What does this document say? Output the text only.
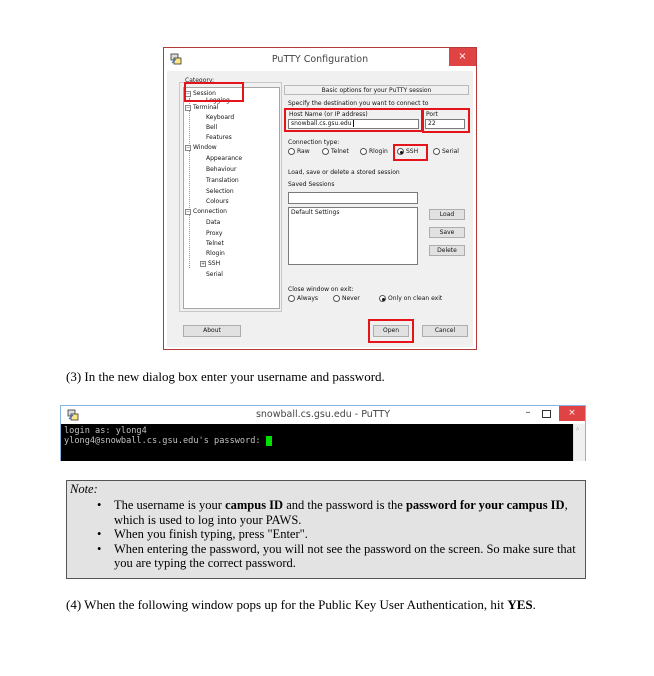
PuTTY Configuration	×
Category:
− Session
Logging
− Terminal
Keyboard
Bell
Features
− Window
Appearance
Behaviour
Translation
Selection
Colours
− Connection
Data
Proxy
Telnet
Rlogin
+ SSH
Serial
Basic options for your PuTTY session
Specify the destination you want to connect to
Host Name (or IP address)
snowball.cs.gsu.edu
Port
22
Connection type:
Raw	Telnet	Rlogin	SSH	Serial
Load, save or delete a stored session
Saved Sessions
Default Settings	Load
Save
Delete
Close window on exit:
Always	Never	Only on clean exit
About	Open	Cancel
(3) In the new dialog box enter your username and password.
snowball.cs.gsu.edu - PuTTY	–	×
login as: ylong4
ylong4@snowball.cs.gsu.edu's password:
^
Note:
• The username is your campus ID and the password is the password for your campus ID, which is used to log into your PAWS.
• When you finish typing, press "Enter".
• When entering the password, you will not see the password on the screen. So make sure that you are typing the correct password.
(4) When the following window pops up for the Public Key User Authentication, hit YES.
